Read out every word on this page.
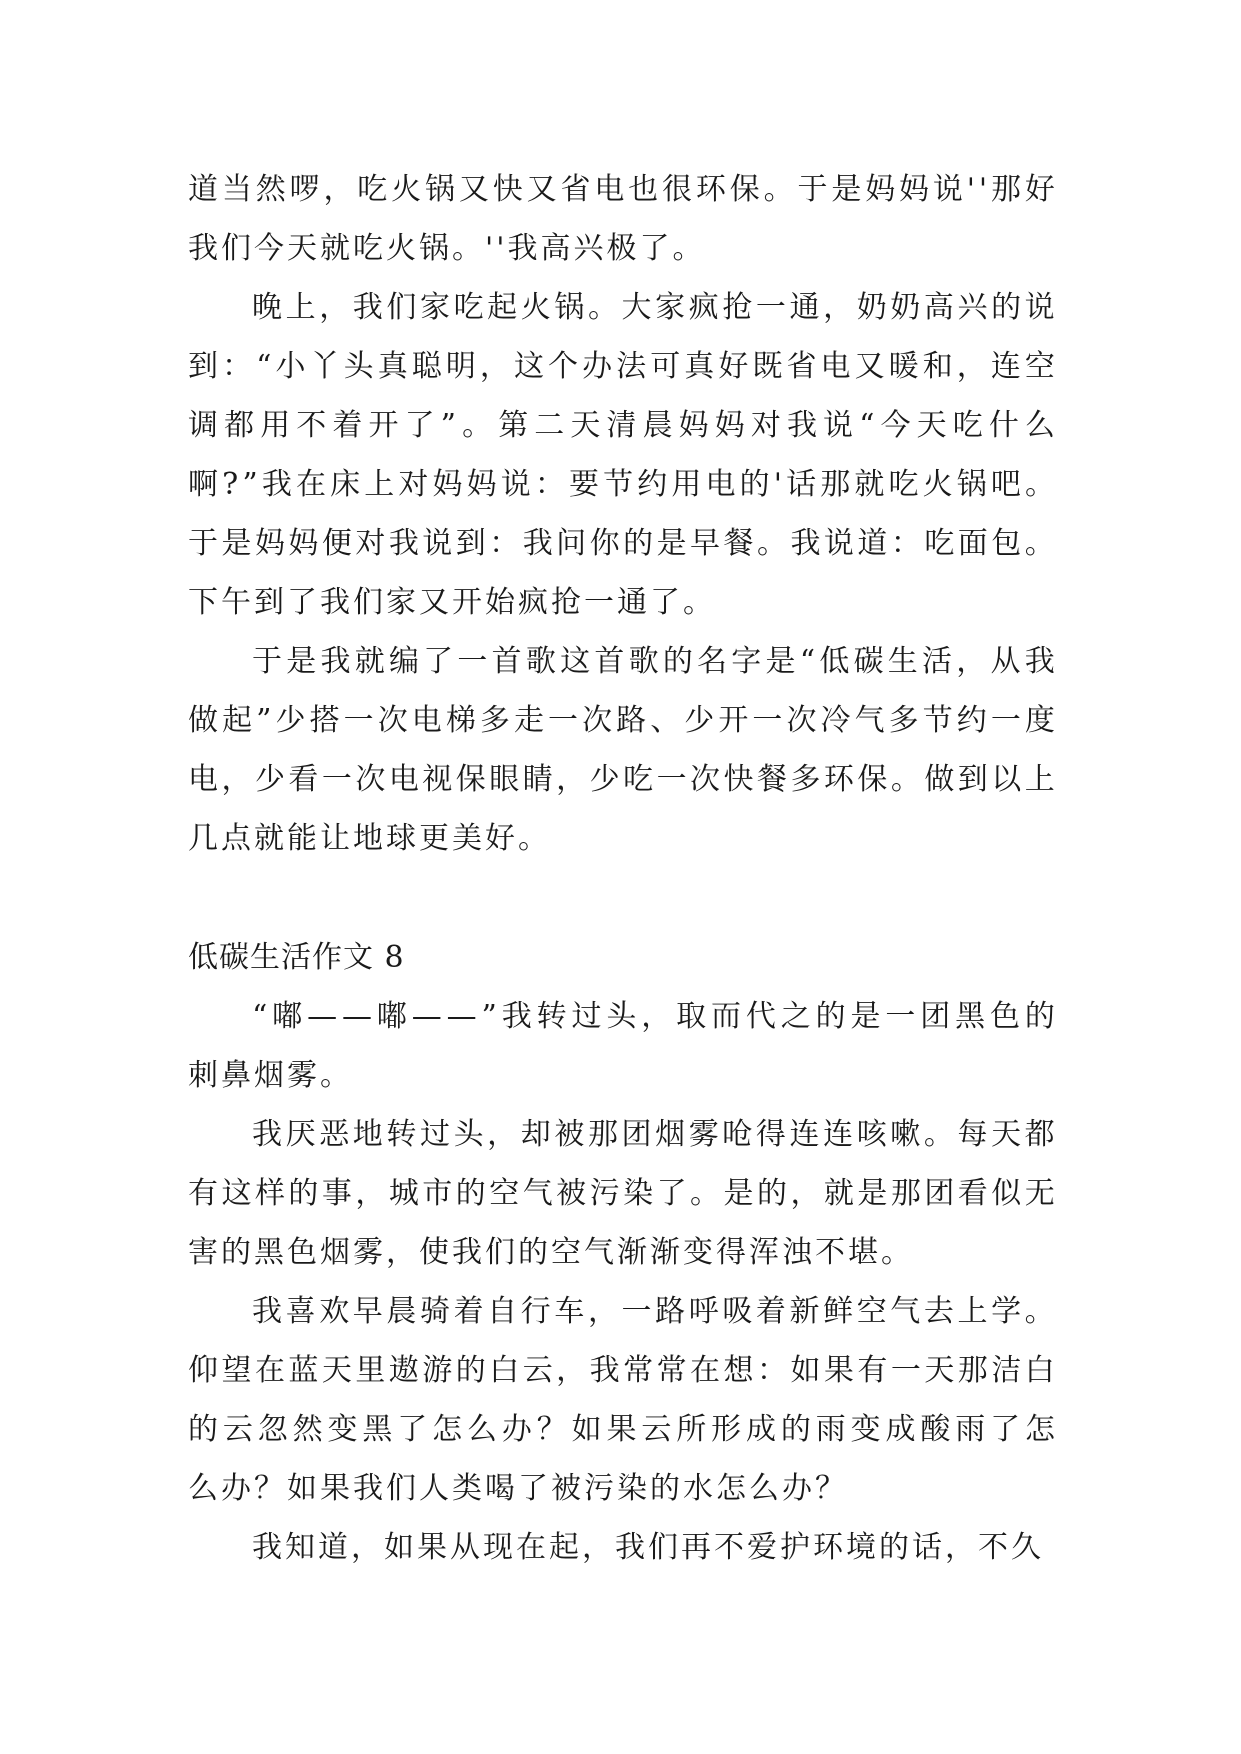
道 当 然 啰 ， 吃 火 锅 又 快 又 省 电 也 很 环 保 。 于 是 妈 妈 说 ' ' 那 好
我们今天就吃火锅。''我高兴极了。
晚 上 ， 我 们 家 吃 起 火 锅 。 大 家 疯 抢 一 通 ， 奶 奶 高 兴 的 说
到 ： “ 小 丫 头 真 聪 明 ， 这 个 办 法 可 真 好 既 省 电 又 暖 和 ， 连 空
调 都 用 不 着 开 了 ” 。 第 二 天 清 晨 妈 妈 对 我 说 “ 今 天 吃 什 么
啊 ? ” 我 在 床 上 对 妈 妈 说 ： 要 节 约 用 电 的 ' 话 那 就 吃 火 锅 吧 。
于 是 妈 妈 便 对 我 说 到 ： 我 问 你 的 是 早 餐 。 我 说 道 ： 吃 面 包 。
下午到了我们家又开始疯抢一通了。
于 是 我 就 编 了 一 首 歌 这 首 歌 的 名 字 是 “ 低 碳 生 活 ， 从 我
做 起 ” 少 搭 一 次 电 梯 多 走 一 次 路 、 少 开 一 次 冷 气 多 节 约 一 度
电 ， 少 看 一 次 电 视 保 眼 睛 ， 少 吃 一 次 快 餐 多 环 保 。 做 到 以 上
几点就能让地球更美好。
低碳生活作文 8
“ 嘟 — — 嘟 — — ” 我 转 过 头 ， 取 而 代 之 的 是 一 团 黑 色 的
刺鼻烟雾。
我 厌 恶 地 转 过 头 ， 却 被 那 团 烟 雾 呛 得 连 连 咳 嗽 。 每 天 都
有 这 样 的 事 ， 城 市 的 空 气 被 污 染 了 。 是 的 ， 就 是 那 团 看 似 无
害的黑色烟雾，使我们的空气渐渐变得浑浊不堪。
我 喜 欢 早 晨 骑 着 自 行 车 ， 一 路 呼 吸 着 新 鲜 空 气 去 上 学 。
仰 望 在 蓝 天 里 遨 游 的 白 云 ， 我 常 常 在 想 ： 如 果 有 一 天 那 洁 白
的 云 忽 然 变 黑 了 怎 么 办 ？ 如 果 云 所 形 成 的 雨 变 成 酸 雨 了 怎
么办？如果我们人类喝了被污染的水怎么办？
我知道，如果从现在起，我们再不爱护环境的话，不久
